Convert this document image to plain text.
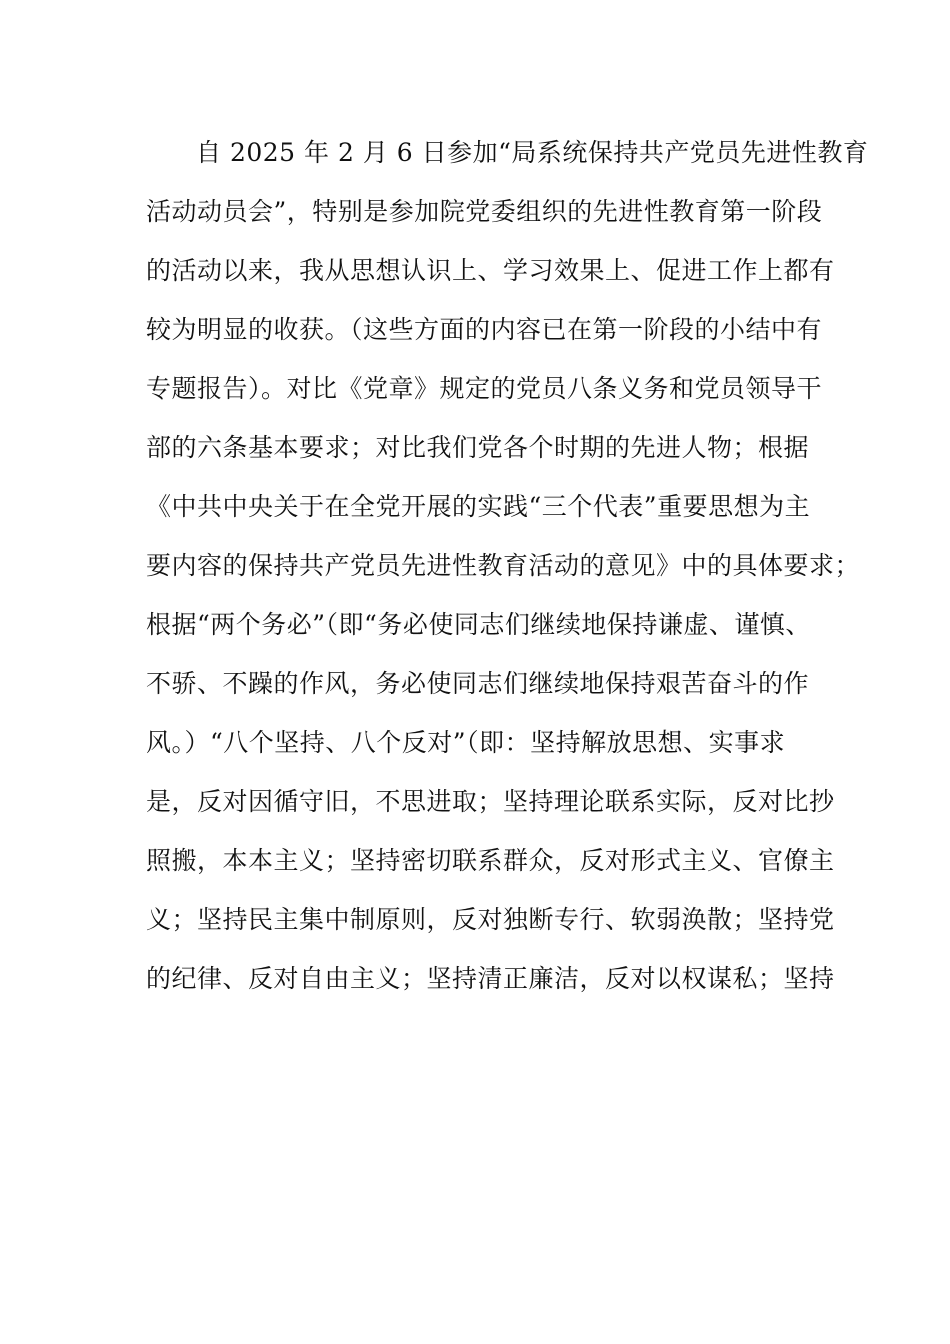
自 2025 年 2 月 6 日参加“局系统保持共产党员先进性教育
活动动员会”，特别是参加院党委组织的先进性教育第一阶段
的活动以来，我从思想认识上、学习效果上、促进工作上都有
较为明显的收获。（这些方面的内容已在第一阶段的小结中有
专题报告）。对比《党章》规定的党员八条义务和党员领导干
部的六条基本要求；对比我们党各个时期的先进人物；根据
《中共中央关于在全党开展的实践“三个代表”重要思想为主
要内容的保持共产党员先进性教育活动的意见》中的具体要求；
根据“两个务必”（即“务必使同志们继续地保持谦虚、谨慎、
不骄、不躁的作风，务必使同志们继续地保持艰苦奋斗的作
风。）“八个坚持、八个反对”（即：坚持解放思想、实事求
是，反对因循守旧，不思进取；坚持理论联系实际，反对比抄
照搬，本本主义；坚持密切联系群众，反对形式主义、官僚主
义；坚持民主集中制原则，反对独断专行、软弱涣散；坚持党
的纪律、反对自由主义；坚持清正廉洁，反对以权谋私；坚持
